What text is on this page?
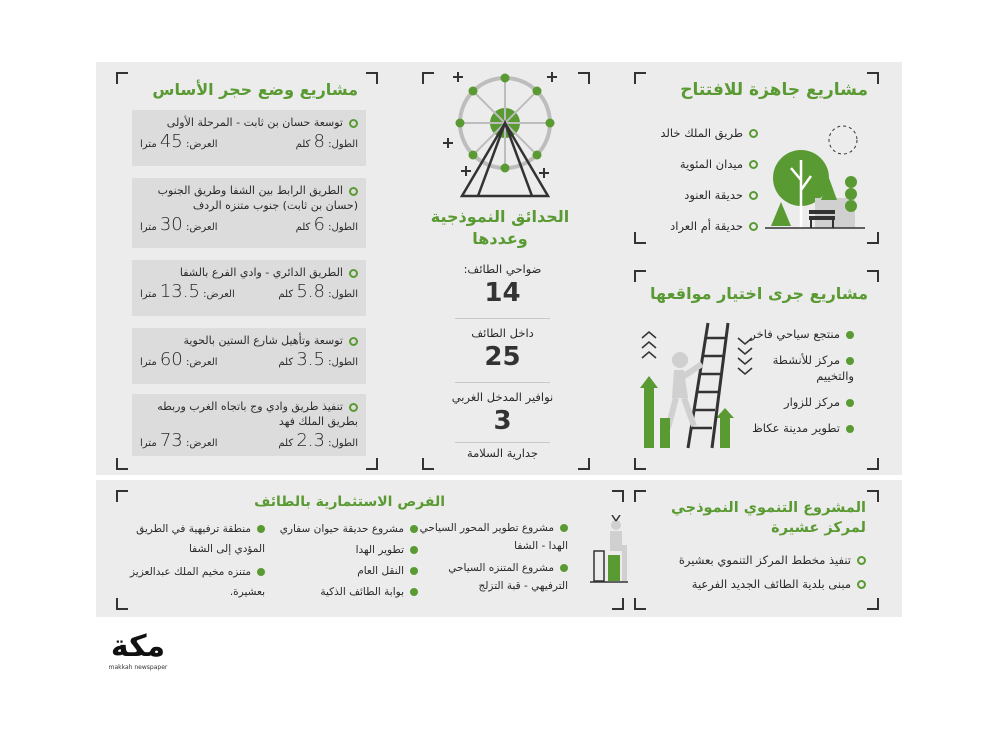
مشاريع جاهزة للافتتاح
طريق الملك خالد
ميدان المئوية
حديقة العنود
حديقة أم العراد
مشاريع جرى اختيار مواقعها
منتجع سياحي فاخر
مركز للأنشطة والتخييم
مركز للزوار
تطوير مدينة عكاظ
الحدائق النموذجية وعددها
ضواحي الطائف:
14
داخل الطائف
25
نوافير المدخل الغربي
3
جدارية السلامة
مشاريع وضع حجر الأساس
توسعة حسان بن ثابت - المرحلة الأولى
الطول: 8 كلم
العرض: 45 مترا
الطريق الرابط بين الشفا وطريق الجنوب (حسان بن ثابت) جنوب متنزه الردف
الطول: 6 كلم
العرض: 30 مترا
الطريق الدائري - وادي الفرع بالشفا
الطول: 5.8 كلم
العرض: 13.5 مترا
توسعة وتأهيل شارع الستين بالحوية
الطول: 3.5 كلم
العرض: 60 مترا
تنفيذ طريق وادي وج باتجاه الغرب وربطه بطريق الملك فهد
الطول: 2.3 كلم
العرض: 73 مترا
المشروع التنموي النموذجي لمركز عشيرة
تنفيذ مخطط المركز التنموي بعشيرة
مبنى بلدية الطائف الجديد الفرعية
الفرص الاستثمارية بالطائف
مشروع تطوير المحور السياحي الهدا - الشفا
مشروع المتنزه السياحي الترفيهي - قبة التزلج
مشروع حديقة حيوان سفاري
تطوير الهدا
النقل العام
بوابة الطائف الذكية
منطقة ترفيهية في الطريق المؤدي إلى الشفا
متنزه مخيم الملك عبدالعزيز بعشيرة.
مكة
makkah newspaper
